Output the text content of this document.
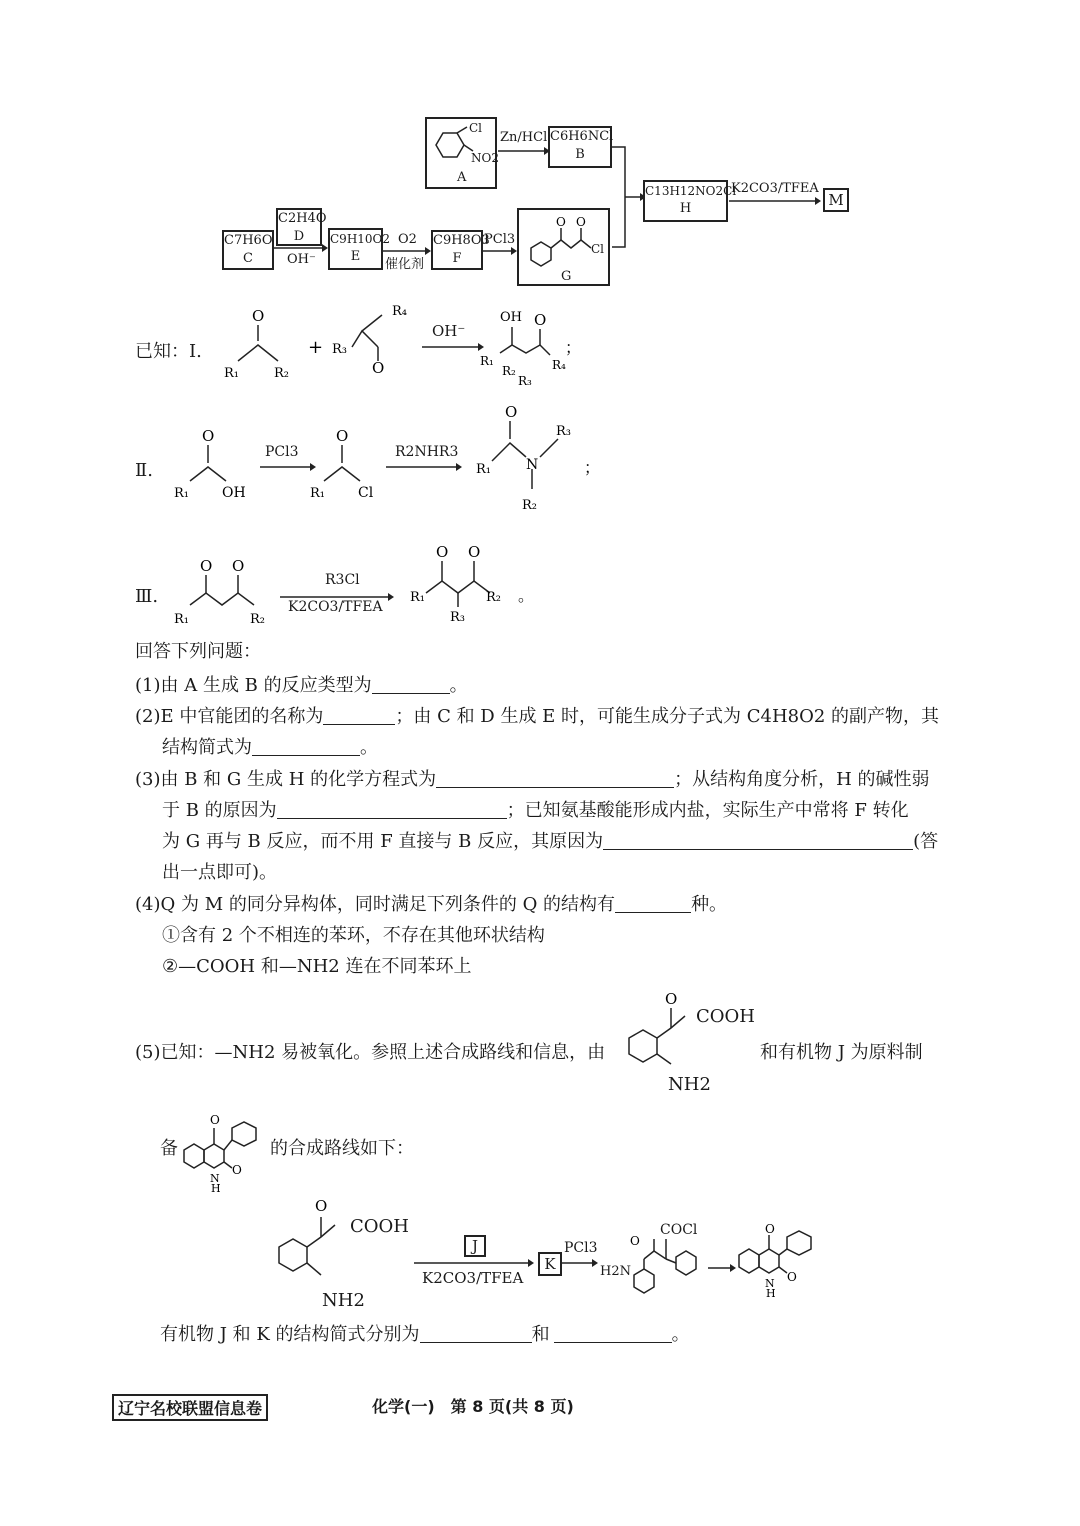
Cl
NO2
A
Zn/HCl C6H6NCl
B
C13H12NO2Cl
H
K2CO3/TFEA
M
C7H6O
C
C2H4O
D
OH⁻
C9H10O2
E
O2
催化剂
C9H8O3
F
PCl3
O O
Cl
G
已知：Ⅰ.
O
R₁	R₂
+ R₃
R₄
O
OH O
R₁
R₂
R₃
R₄
；
OH⁻
Ⅱ.
O
R₁ OH
O
R₁ Cl
O
R₁	N
R₃
R₂
；
PCl3	R2NHR3
Ⅲ.
O O
R₁	R₂
O O
R₁	R₂
R₃
。
R3Cl
K2CO3/TFEA
回答下列问题：
(1)由 A 生成 B 的反应类型为	。
(2)E 中官能团的名称为	；由 C 和 D 生成 E 时，可能生成分子式为 C4H8O2 的副产物，其
结构简式为	。
(3)由 B 和 G 生成 H 的化学方程式为	；从结构角度分析，H 的碱性弱
于 B 的原因为	；已知氨基酸能形成内盐，实际生产中常将 F 转化
为 G 再与 B 反应，而不用 F 直接与 B 反应，其原因为	(答
出一点即可)。
(4)Q 为 M 的同分异构体，同时满足下列条件的 Q 的结构有	种。
①含有 2 个不相连的苯环，不存在其他环状结构
②—COOH 和—NH2 连在不同苯环上
(5)已知：—NH2 易被氧化。参照上述合成路线和信息，由
O
COOH
NH2
和有机物 J 为原料制
备
O
O
N
H
的合成路线如下：
O
COOH
NH2
J
K2CO3/TFEA
K
PCl3	O
COCl
H2N
O
O
N
H
有机物 J 和 K 的结构简式分别为	和	。
辽宁名校联盟信息卷	化学(一)　第 8 页(共 8 页)
